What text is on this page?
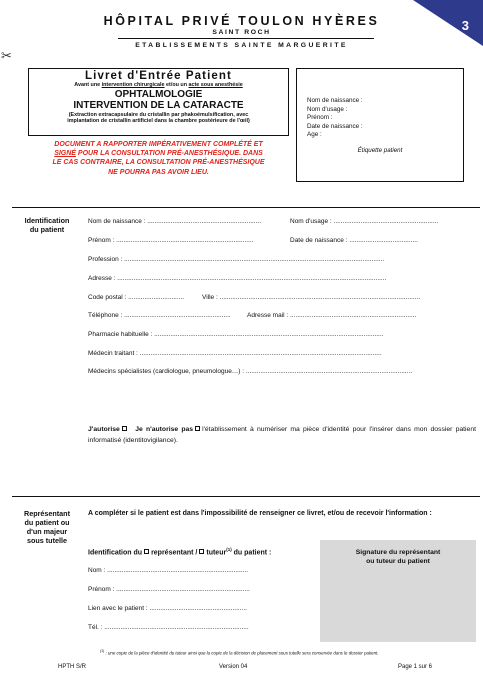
3
✂
HÔPITAL PRIVÉ TOULON HYÈRES
SAINT ROCH
ETABLISSEMENTS SAINTE MARGUERITE
Livret d'Entrée Patient
Avant une intervention chirurgicale et/ou un acte sous anesthésie
OPHTALMOLOGIE
INTERVENTION DE LA CATARACTE
(Extraction extracapsulaire du cristallin par phakoémulsification, avec
implantation de cristallin artificiel dans la chambre postérieure de l'œil)
DOCUMENT A RAPPORTER IMPÉRATIVEMENT COMPLÉTÉ ET
SIGNÉ POUR LA CONSULTATION PRÉ-ANESTHÉSIQUE. DANS
LE CAS CONTRAIRE, LA CONSULTATION PRÉ-ANESTHÉSIQUE
NE POURRA PAS AVOIR LIEU.
Nom de naissance :
Nom d'usage :
Prénom :
Date de naissance :
Age :
Étiquette patient
Identification
du patient
Nom de naissance : ...............................................................	Nom d'usage : ..........................................................
Prénom : ............................................................................	Date de naissance : ......................................
Profession : ................................................................................................................................................
Adresse : .....................................................................................................................................................
Code postal : ...............................	Ville : ...............................................................................................................
Téléphone : ...........................................................	Adresse mail : ......................................................................
Pharmacie habituelle : ...............................................................................................................................
Médecin traitant : ......................................................................................................................................
Médecins spécialistes (cardiologue, pneumologue…) : ............................................................................................
J'autorise Je n'autorise pas l'établissement à numériser ma pièce d'identité pour l'insérer dans mon dossier patient informatisé (identitovigilance).
Représentant
du patient ou
d'un majeur
sous tutelle
A compléter si le patient est dans l'impossibilité de renseigner ce livret, et/ou de recevoir l'information :
Identification du représentant / tuteur$^{(1)}$ du patient :
Nom : ..............................................................................
Prénom : ..........................................................................
Lien avec le patient : ......................................................
Tél. : ................................................................................
Signature du représentant
ou tuteur du patient
$^{(1)}$ : une copie de la pièce d'identité du tuteur ainsi que la copie de la décision de placement sous tutelle sera conservée dans le dossier patient.
HPTH S/R	Version 04	Page 1 sur 6
